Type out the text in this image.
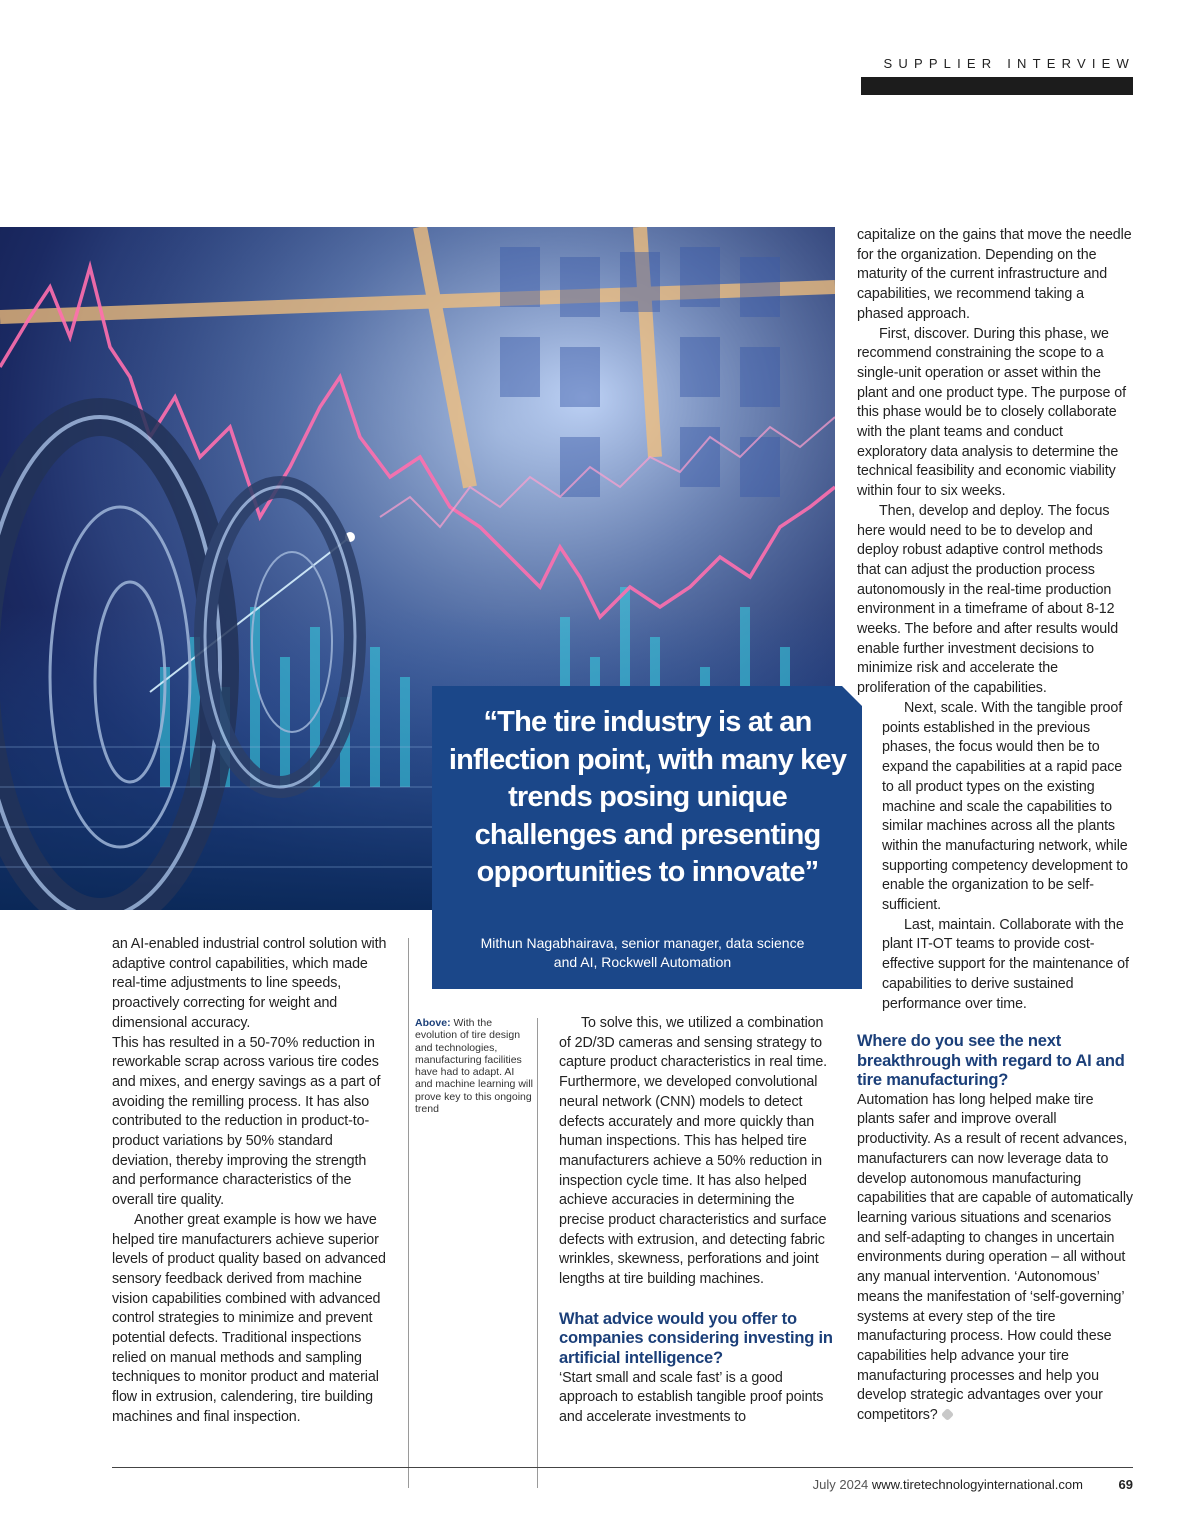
SUPPLIER INTERVIEW
“The tire industry is at an inflection point, with many key trends posing unique challenges and presenting opportunities to innovate”
Mithun Nagabhairava, senior manager, data science and AI, Rockwell Automation

an AI-enabled industrial control solution with adaptive control capabilities, which made real-time adjustments to line speeds, proactively correcting for weight and dimensional accuracy.

This has resulted in a 50-70% reduction in reworkable scrap across various tire codes and mixes, and energy savings as a part of avoiding the remilling process. It has also contributed to the reduction in product-to-product variations by 50% standard deviation, thereby improving the strength and performance characteristics of the overall tire quality.

Another great example is how we have helped tire manufacturers achieve superior levels of product quality based on advanced sensory feedback derived from machine vision capabilities combined with advanced control strategies to minimize and prevent potential defects. Traditional inspections relied on manual methods and sampling techniques to monitor product and material flow in extrusion, calendering, tire building machines and final inspection.

Above: With the evolution of tire design and technologies, manufacturing facilities have had to adapt. AI and machine learning will prove key to this ongoing trend

To solve this, we utilized a combination of 2D/3D cameras and sensing strategy to capture product characteristics in real time. Furthermore, we developed convolutional neural network (CNN) models to detect defects accurately and more quickly than human inspections. This has helped tire manufacturers achieve a 50% reduction in inspection cycle time. It has also helped achieve accuracies in determining the precise product characteristics and surface defects with extrusion, and detecting fabric wrinkles, skewness, perforations and joint lengths at tire building machines.

What advice would you offer to companies considering investing in artificial intelligence?

‘Start small and scale fast’ is a good approach to establish tangible proof points and accelerate investments to

capitalize on the gains that move the needle for the organization. Depending on the maturity of the current infrastructure and capabilities, we recommend taking a phased approach.

First, discover. During this phase, we recommend constraining the scope to a single-unit operation or asset within the plant and one product type. The purpose of this phase would be to closely collaborate with the plant teams and conduct exploratory data analysis to determine the technical feasibility and economic viability within four to six weeks.

Then, develop and deploy. The focus here would need to be to develop and deploy robust adaptive control methods that can adjust the production process autonomously in the real-time production environment in a timeframe of about 8-12 weeks. The before and after results would enable further investment decisions to minimize risk and accelerate the proliferation of the capabilities.

Next, scale. With the tangible proof points established in the previous phases, the focus would then be to expand the capabilities at a rapid pace to all product types on the existing machine and scale the capabilities to similar machines across all the plants within the manufacturing network, while supporting competency development to enable the organization to be self-sufficient.

Last, maintain. Collaborate with the plant IT-OT teams to provide cost-effective support for the maintenance of capabilities to derive sustained performance over time.

Where do you see the next breakthrough with regard to AI and tire manufacturing?

Automation has long helped make tire plants safer and improve overall productivity. As a result of recent advances, manufacturers can now leverage data to develop autonomous manufacturing capabilities that are capable of automatically learning various situations and scenarios and self-adapting to changes in uncertain environments during operation – all without any manual intervention. ‘Autonomous’ means the manifestation of ‘self-governing’ systems at every step of the tire manufacturing process. How could these capabilities help advance your tire manufacturing processes and help you develop strategic advantages over your competitors?

July 2024 www.tiretechnologyinternational.com	69
